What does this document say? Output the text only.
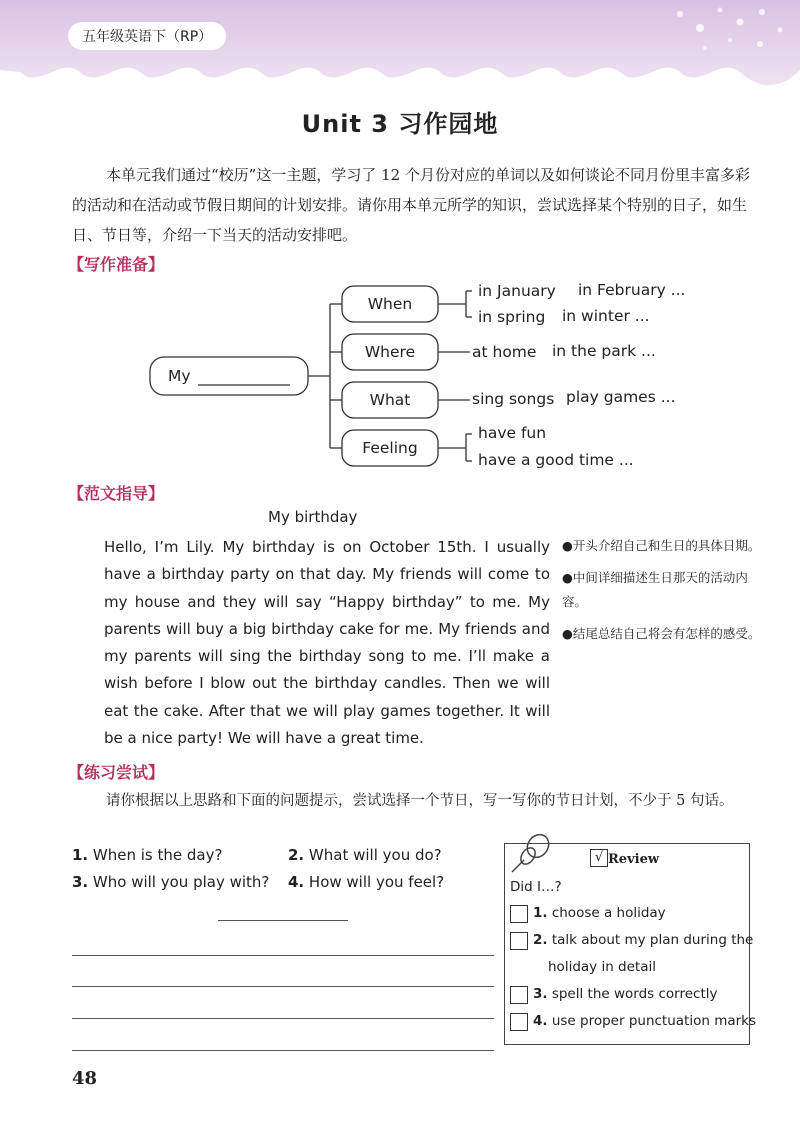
五年级英语下（RP）
Unit 3 习作园地
本单元我们通过“校历”这一主题，学习了 12 个月份对应的单词以及如何谈论不同月份里丰富多彩的活动和在活动或节假日期间的计划安排。请你用本单元所学的知识，尝试选择某个特别的日子，如生日、节日等，介绍一下当天的活动安排吧。
【写作准备】
My
When
Where
What
Feeling
in January in February ...
in spring in winter ...
at home in the park ...
sing songs play games ...
have fun
have a good time ...
【范文指导】
My birthday
Hello, I’m Lily. My birthday is on October 15th. I usually have a birthday party on that day. My friends will come to my house and they will say “Happy birthday” to me. My parents will buy a big birthday cake for me. My friends and my parents will sing the birthday song to me. I’ll make a wish before I blow out the birthday candles. Then we will eat the cake. After that we will play games together. It will be a nice party! We will have a great time.
●开头介绍自己和生日的具体日期。
●中间详细描述生日那天的活动内容。
●结尾总结自己将会有怎样的感受。
【练习尝试】
请你根据以上思路和下面的问题提示，尝试选择一个节日，写一写你的节日计划，不少于 5 句话。
1. When is the day?	2. What will you do?
3. Who will you play with? 4. How will you feel?
√ Review
Did I…?
1. choose a holiday
2. talk about my plan during the
holiday in detail
3. spell the words correctly
4. use proper punctuation marks
48
